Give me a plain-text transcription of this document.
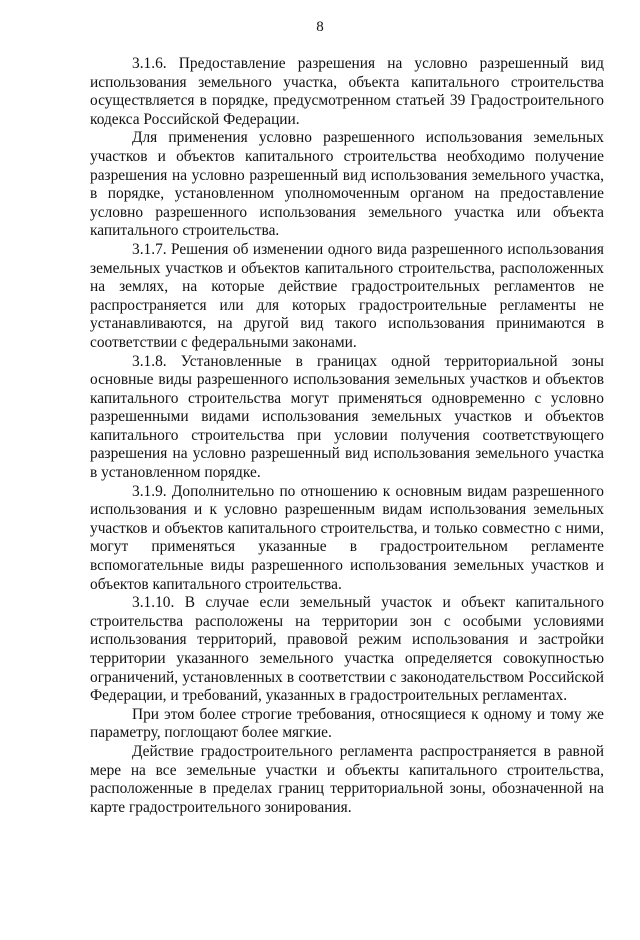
8

3.1.6. Предоставление разрешения на условно разрешенный вид использования земельного участка, объекта капитального строительства осуществляется в порядке, предусмотренном статьей 39 Градостроительного кодекса Российской Федерации.

Для применения условно разрешенного использования земельных участков и объектов капитального строительства необходимо получение разрешения на условно разрешенный вид использования земельного участка, в порядке, установленном уполномоченным органом на предоставление условно разрешенного использования земельного участка или объекта капитального строительства.

3.1.7. Решения об изменении одного вида разрешенного использования земельных участков и объектов капитального строительства, расположенных на землях, на которые действие градостроительных регламентов не распространяется или для которых градостроительные регламенты не устанавливаются, на другой вид такого использования принимаются в соответствии с федеральными законами.

3.1.8. Установленные в границах одной территориальной зоны основные виды разрешенного использования земельных участков и объектов капитального строительства могут применяться одновременно с условно разрешенными видами использования земельных участков и объектов капитального строительства при условии получения соответствующего разрешения на условно разрешенный вид использования земельного участка в установленном порядке.

3.1.9. Дополнительно по отношению к основным видам разрешенного использования и к условно разрешенным видам использования земельных участков и объектов капитального строительства, и только совместно с ними, могут применяться указанные в градостроительном регламенте вспомогательные виды разрешенного использования земельных участков и объектов капитального строительства.

3.1.10. В случае если земельный участок и объект капитального строительства расположены на территории зон с особыми условиями использования территорий, правовой режим использования и застройки территории указанного земельного участка определяется совокупностью ограничений, установленных в соответствии с законодательством Российской Федерации, и требований, указанных в градостроительных регламентах.

При этом более строгие требования, относящиеся к одному и тому же параметру, поглощают более мягкие.

Действие градостроительного регламента распространяется в равной мере на все земельные участки и объекты капитального строительства, расположенные в пределах границ территориальной зоны, обозначенной на карте градостроительного зонирования.
